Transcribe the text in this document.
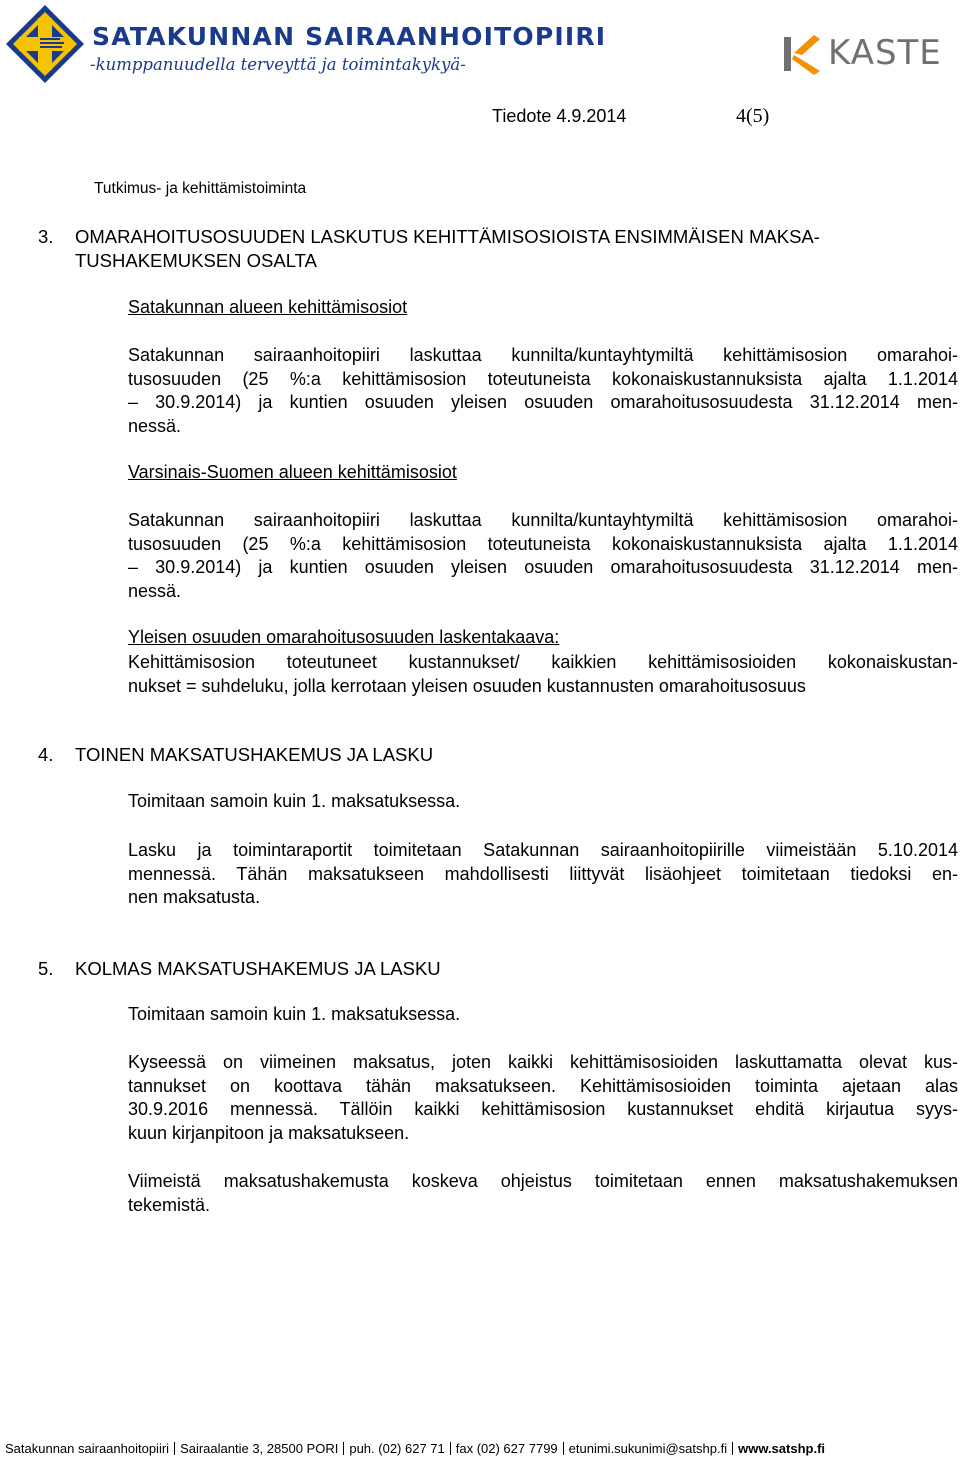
SATAKUNNAN SAIRAANHOITOPIIRI
-kumppanuudella terveyttä ja toimintakykyä-	KASTE
Tiedote 4.9.2014	4(5)
Tutkimus- ja kehittämistoiminta
3. OMARAHOITUSOSUUDEN LASKUTUS KEHITTÄMISOSIOISTA ENSIMMÄISEN MAKSA-
TUSHAKEMUKSEN OSALTA
Satakunnan alueen kehittämisosiot
Satakunnan sairaanhoitopiiri laskuttaa kunnilta/kuntayhtymiltä kehittämisosion omarahoi-
tusosuuden (25 %:a kehittämisosion toteutuneista kokonaiskustannuksista ajalta 1.1.2014
– 30.9.2014) ja kuntien osuuden yleisen osuuden omarahoitusosuudesta 31.12.2014 men-
nessä.
Varsinais-Suomen alueen kehittämisosiot
Satakunnan sairaanhoitopiiri laskuttaa kunnilta/kuntayhtymiltä kehittämisosion omarahoi-
tusosuuden (25 %:a kehittämisosion toteutuneista kokonaiskustannuksista ajalta 1.1.2014
– 30.9.2014) ja kuntien osuuden yleisen osuuden omarahoitusosuudesta 31.12.2014 men-
nessä.
Yleisen osuuden omarahoitusosuuden laskentakaava:
Kehittämisosion toteutuneet kustannukset/ kaikkien kehittämisosioiden kokonaiskustan-
nukset = suhdeluku, jolla kerrotaan yleisen osuuden kustannusten omarahoitusosuus
4. TOINEN MAKSATUSHAKEMUS JA LASKU
Toimitaan samoin kuin 1. maksatuksessa.
Lasku ja toimintaraportit toimitetaan Satakunnan sairaanhoitopiirille viimeistään 5.10.2014
mennessä. Tähän maksatukseen mahdollisesti liittyvät lisäohjeet toimitetaan tiedoksi en-
nen maksatusta.
5. KOLMAS MAKSATUSHAKEMUS JA LASKU
Toimitaan samoin kuin 1. maksatuksessa.
Kyseessä on viimeinen maksatus, joten kaikki kehittämisosioiden laskuttamatta olevat kus-
tannukset on koottava tähän maksatukseen. Kehittämisosioiden toiminta ajetaan alas
30.9.2016 mennessä. Tällöin kaikki kehittämisosion kustannukset ehditä kirjautua syys-
kuun kirjanpitoon ja maksatukseen.
Viimeistä maksatushakemusta koskeva ohjeistus toimitetaan ennen maksatushakemuksen
tekemistä.
Satakunnan sairaanhoitopiiri Sairaalantie 3, 28500 PORI puh. (02) 627 71 fax (02) 627 7799 etunimi.sukunimi@satshp.fi www.satshp.fi
